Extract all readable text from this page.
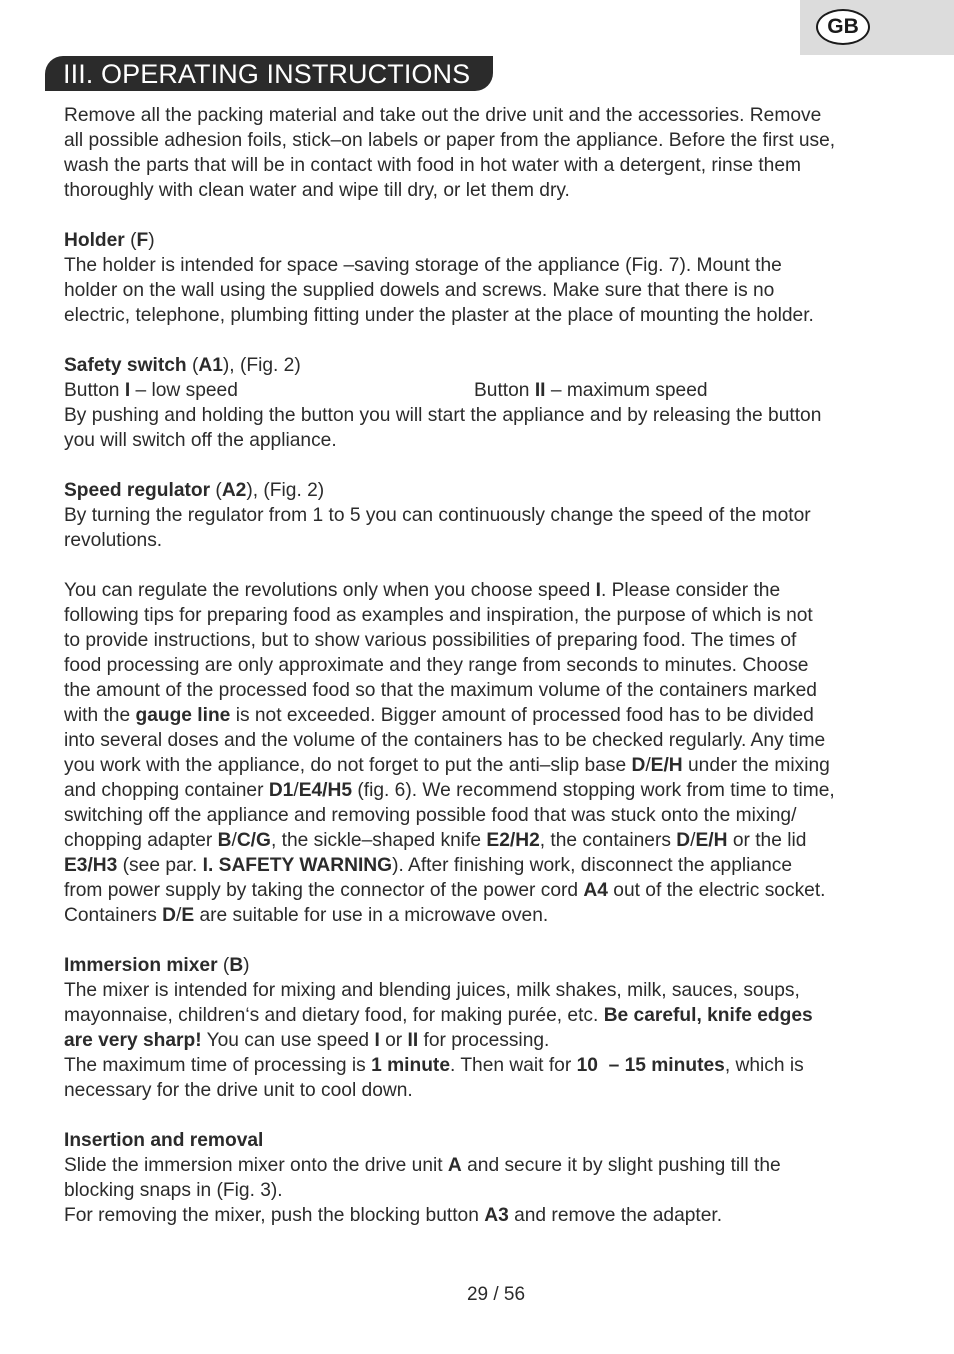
GB
III. OPERATING INSTRUCTIONS

Remove all the packing material and take out the drive unit and the accessories. Remove

all possible adhesion foils, stick–on labels or paper from the appliance. Before the first use,

wash the parts that will be in contact with food in hot water with a detergent, rinse them

thoroughly with clean water and wipe till dry, or let them dry.

Holder (F)

The holder is intended for space –saving storage of the appliance (Fig. 7). Mount the

holder on the wall using the supplied dowels and screws. Make sure that there is no

electric, telephone, plumbing fitting under the plaster at the place of mounting the holder.

Safety switch (A1), (Fig. 2)

Button I – low speed	Button II – maximum speed

By pushing and holding the button you will start the appliance and by releasing the button

you will switch off the appliance.

Speed regulator (A2), (Fig. 2)

By turning the regulator from 1 to 5 you can continuously change the speed of the motor

revolutions.

You can regulate the revolutions only when you choose speed I. Please consider the

following tips for preparing food as examples and inspiration, the purpose of which is not

to provide instructions, but to show various possibilities of preparing food. The times of

food processing are only approximate and they range from seconds to minutes. Choose

the amount of the processed food so that the maximum volume of the containers marked

with the gauge line is not exceeded. Bigger amount of processed food has to be divided

into several doses and the volume of the containers has to be checked regularly. Any time

you work with the appliance, do not forget to put the anti–slip base D/E/H under the mixing

and chopping container D1/E4/H5 (fig. 6). We recommend stopping work from time to time,

switching off the appliance and removing possible food that was stuck onto the mixing/

chopping adapter B/C/G, the sickle–shaped knife E2/H2, the containers D/E/H or the lid

E3/H3 (see par. I. SAFETY WARNING). After finishing work, disconnect the appliance

from power supply by taking the connector of the power cord A4 out of the electric socket.

Containers D/E are suitable for use in a microwave oven.

Immersion mixer (B)

The mixer is intended for mixing and blending juices, milk shakes, milk, sauces, soups,

mayonnaise, children‘s and dietary food, for making purée, etc. Be careful, knife edges

are very sharp! You can use speed I or II for processing.

The maximum time of processing is 1 minute. Then wait for 10  – 15 minutes, which is

necessary for the drive unit to cool down.

Insertion and removal

Slide the immersion mixer onto the drive unit A and secure it by slight pushing till the

blocking snaps in (Fig. 3).

For removing the mixer, push the blocking button A3 and remove the adapter.

29 / 56
